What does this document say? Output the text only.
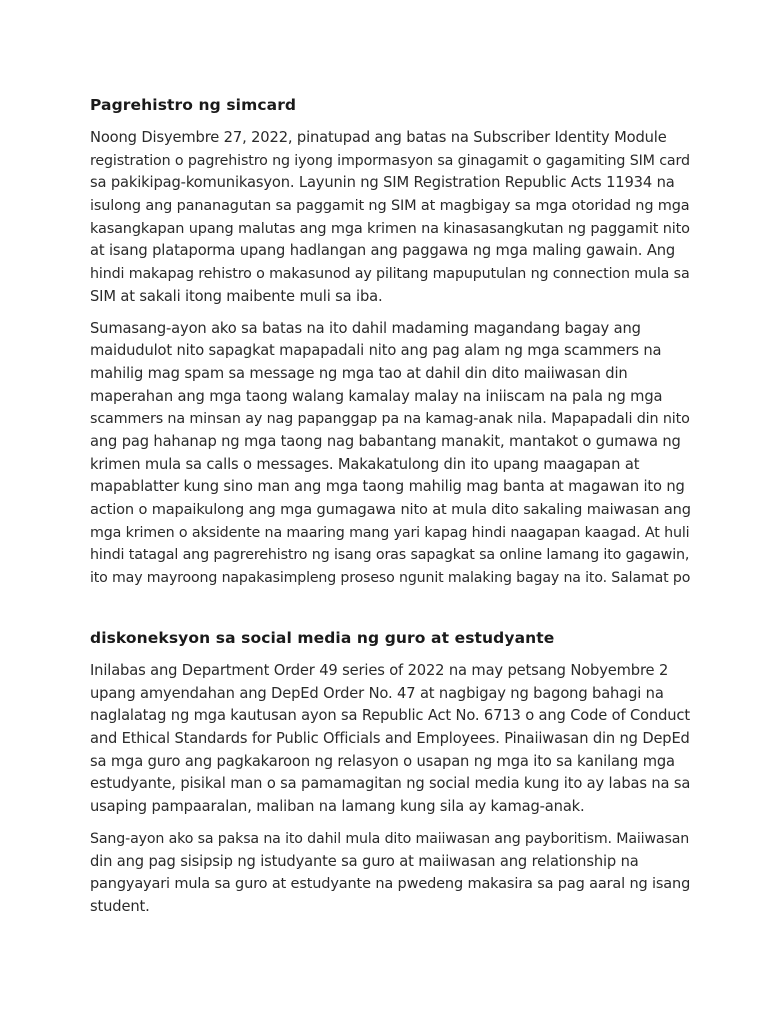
Pagrehistro ng simcard

Noong Disyembre 27, 2022, pinatupad ang batas na Subscriber Identity Module
registration o pagrehistro ng iyong impormasyon sa ginagamit o gagamiting SIM card
sa pakikipag-komunikasyon. Layunin ng SIM Registration Republic Acts 11934 na
isulong ang pananagutan sa paggamit ng SIM at magbigay sa mga otoridad ng mga
kasangkapan upang malutas ang mga krimen na kinasasangkutan ng paggamit nito
at isang plataporma upang hadlangan ang paggawa ng mga maling gawain. Ang
hindi makapag rehistro o makasunod ay pilitang mapuputulan ng connection mula sa
SIM at sakali itong maibente muli sa iba.

Sumasang-ayon ako sa batas na ito dahil madaming magandang bagay ang
maidudulot nito sapagkat mapapadali nito ang pag alam ng mga scammers na
mahilig mag spam sa message ng mga tao at dahil din dito maiiwasan din
maperahan ang mga taong walang kamalay malay na iniiscam na pala ng mga
scammers na minsan ay nag papanggap pa na kamag-anak nila. Mapapadali din nito
ang pag hahanap ng mga taong nag babantang manakit, mantakot o gumawa ng
krimen mula sa calls o messages. Makakatulong din ito upang maagapan at
mapablatter kung sino man ang mga taong mahilig mag banta at magawan ito ng
action o mapaikulong ang mga gumagawa nito at mula dito sakaling maiwasan ang
mga krimen o aksidente na maaring mang yari kapag hindi naagapan kaagad. At huli
hindi tatagal ang pagrerehistro ng isang oras sapagkat sa online lamang ito gagawin,
ito may mayroong napakasimpleng proseso ngunit malaking bagay na ito. Salamat po

diskoneksyon sa social media ng guro at estudyante

Inilabas ang Department Order 49 series of 2022 na may petsang Nobyembre 2
upang amyendahan ang DepEd Order No. 47 at nagbigay ng bagong bahagi na
naglalatag ng mga kautusan ayon sa Republic Act No. 6713 o ang Code of Conduct
and Ethical Standards for Public Officials and Employees. Pinaiiwasan din ng DepEd
sa mga guro ang pagkakaroon ng relasyon o usapan ng mga ito sa kanilang mga
estudyante, pisikal man o sa pamamagitan ng social media kung ito ay labas na sa
usaping pampaaralan, maliban na lamang kung sila ay kamag-anak.

Sang-ayon ako sa paksa na ito dahil mula dito maiiwasan ang payboritism. Maiiwasan
din ang pag sisipsip ng istudyante sa guro at maiiwasan ang relationship na
pangyayari mula sa guro at estudyante na pwedeng makasira sa pag aaral ng isang
student.
